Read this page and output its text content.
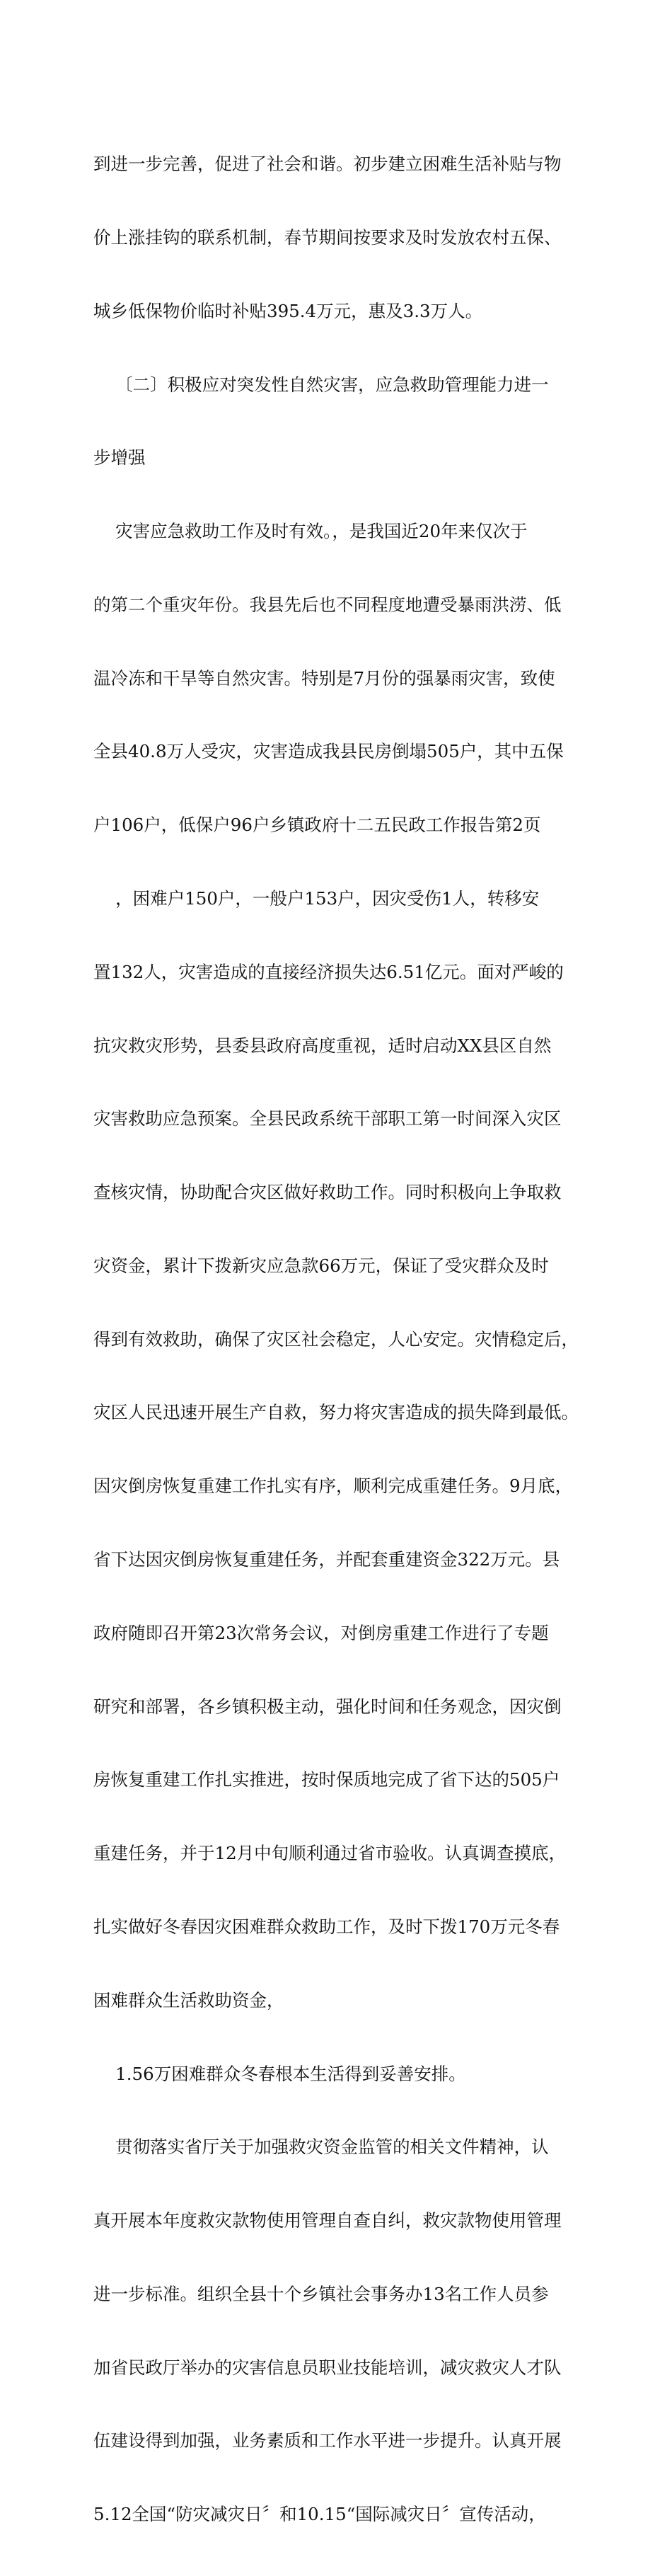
到进一步完善，促进了社会和谐。初步建立困难生活补贴与物

价上涨挂钩的联系机制，春节期间按要求及时发放农村五保、

城乡低保物价临时补贴395.4万元，惠及3.3万人。

〔二〕积极应对突发性自然灾害，应急救助管理能力进一

步增强

灾害应急救助工作及时有效。，是我国近20年来仅次于

的第二个重灾年份。我县先后也不同程度地遭受暴雨洪涝、低

温冷冻和干旱等自然灾害。特别是7月份的强暴雨灾害，致使

全县40.8万人受灾，灾害造成我县民房倒塌505户，其中五保

户106户，低保户96户乡镇政府十二五民政工作报告第2页

，困难户150户，一般户153户，因灾受伤1人，转移安

置132人，灾害造成的直接经济损失达6.51亿元。面对严峻的

抗灾救灾形势，县委县政府高度重视，适时启动XX县区自然

灾害救助应急预案。全县民政系统干部职工第一时间深入灾区

查核灾情，协助配合灾区做好救助工作。同时积极向上争取救

灾资金，累计下拨新灾应急款66万元，保证了受灾群众及时

得到有效救助，确保了灾区社会稳定，人心安定。灾情稳定后，

灾区人民迅速开展生产自救，努力将灾害造成的损失降到最低。

因灾倒房恢复重建工作扎实有序，顺利完成重建任务。9月底，

省下达因灾倒房恢复重建任务，并配套重建资金322万元。县

政府随即召开第23次常务会议，对倒房重建工作进行了专题

研究和部署，各乡镇积极主动，强化时间和任务观念，因灾倒

房恢复重建工作扎实推进，按时保质地完成了省下达的505户

重建任务，并于12月中旬顺利通过省市验收。认真调查摸底，

扎实做好冬春因灾困难群众救助工作，及时下拨170万元冬春

困难群众生活救助资金，

1.56万困难群众冬春根本生活得到妥善安排。

贯彻落实省厅关于加强救灾资金监管的相关文件精神，认

真开展本年度救灾款物使用管理自查自纠，救灾款物使用管理

进一步标准。组织全县十个乡镇社会事务办13名工作人员参

加省民政厅举办的灾害信息员职业技能培训，减灾救灾人才队

伍建设得到加强，业务素质和工作水平进一步提升。认真开展

5.12全国“防灾减灾日〞和10.15“国际减灾日〞宣传活动，
